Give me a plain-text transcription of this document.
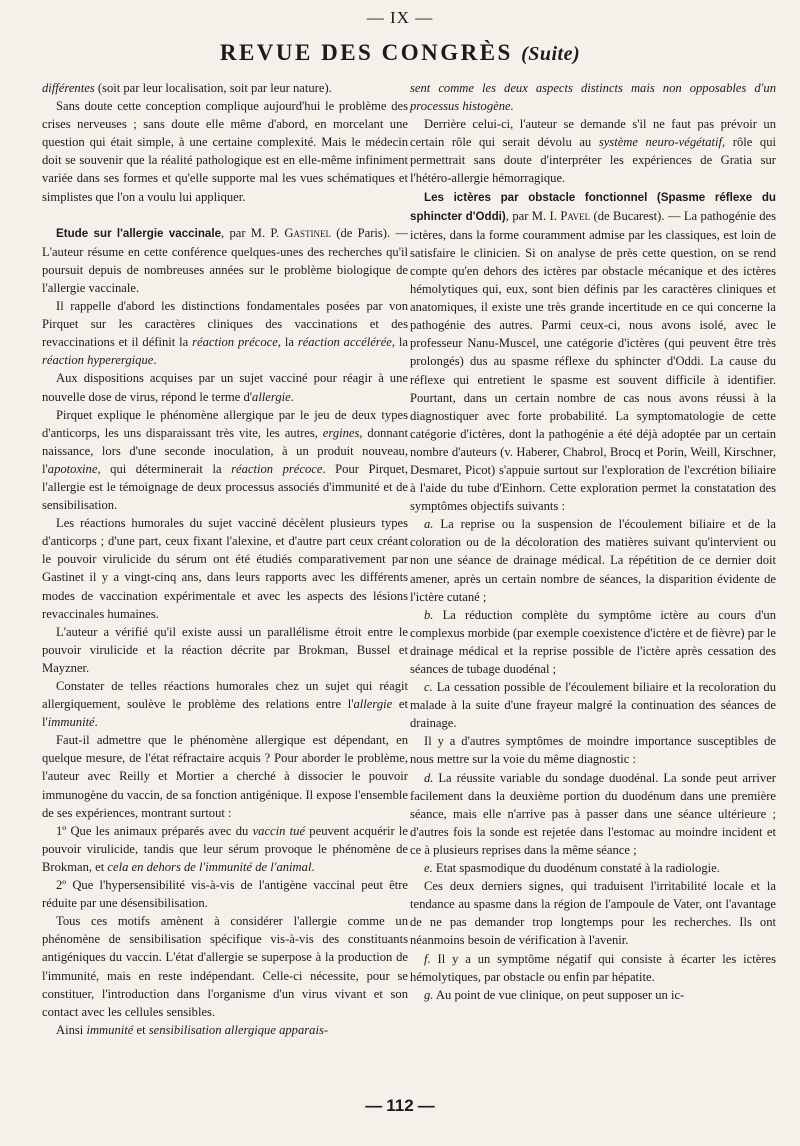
— IX —
REVUE DES CONGRÈS (Suite)

différentes (soit par leur localisation, soit par leur nature).

Sans doute cette conception complique aujourd'hui le problème des crises nerveuses ; sans doute elle même d'abord, en morcelant une question qui était simple, à une certaine complexité. Mais le médecin doit se souvenir que la réalité pathologique est en elle-même infiniment variée dans ses formes et qu'elle supporte mal les vues schématiques et simplistes que l'on a voulu lui appliquer.

Etude sur l'allergie vaccinale, par M. P. Gastinel (de Paris). — L'auteur résume en cette conférence quelques-unes des recherches qu'il poursuit depuis de nombreuses années sur le problème biologique de l'allergie vaccinale.

Il rappelle d'abord les distinctions fondamentales posées par von Pirquet sur les caractères cliniques des vaccinations et des revaccinations et il définit la réaction précoce, la réaction accélérée, la réaction hyperergique.

Aux dispositions acquises par un sujet vacciné pour réagir à une nouvelle dose de virus, répond le terme d'allergie.

Pirquet explique le phénomène allergique par le jeu de deux types d'anticorps, les uns disparaissant très vite, les autres, ergines, donnant naissance, lors d'une seconde inoculation, à un produit nouveau, l'apotoxine, qui déterminerait la réaction précoce. Pour Pirquet, l'allergie est le témoignage de deux processus associés d'immunité et de sensibilisation.

Les réactions humorales du sujet vacciné décèlent plusieurs types d'anticorps ; d'une part, ceux fixant l'alexine, et d'autre part ceux créant le pouvoir virulicide du sérum ont été étudiés comparativement par Gastinet il y a vingt-cinq ans, dans leurs rapports avec les différents modes de vaccination expérimentale et avec les aspects des lésions revaccinales humaines.

L'auteur a vérifié qu'il existe aussi un parallélisme étroit entre le pouvoir virulicide et la réaction décrite par Brokman, Bussel et Mayzner.

Constater de telles réactions humorales chez un sujet qui réagit allergiquement, soulève le problème des relations entre l'allergie et l'immunité.

Faut-il admettre que le phénomène allergique est dépendant, en quelque mesure, de l'état réfractaire acquis ? Pour aborder le problème, l'auteur avec Reilly et Mortier a cherché à dissocier le pouvoir immunogène du vaccin, de sa fonction antigénique. Il expose l'ensemble de ses expériences, montrant surtout :

1º Que les animaux préparés avec du vaccin tué peuvent acquérir le pouvoir virulicide, tandis que leur sérum provoque le phénomène de Brokman, et cela en dehors de l'immunité de l'animal.

2º Que l'hypersensibilité vis-à-vis de l'antigène vaccinal peut être réduite par une désensibilisation.

Tous ces motifs amènent à considérer l'allergie comme un phénomène de sensibilisation spécifique vis-à-vis des constituants antigéniques du vaccin. L'état d'allergie se superpose à la production de l'immunité, mais en reste indépendant. Celle-ci nécessite, pour se constituer, l'introduction dans l'organisme d'un virus vivant et son contact avec les cellules sensibles.

Ainsi immunité et sensibilisation allergique apparais-

sent comme les deux aspects distincts mais non opposables d'un processus histogène.

Derrière celui-ci, l'auteur se demande s'il ne faut pas prévoir un certain rôle qui serait dévolu au système neuro-végétatif, rôle qui permettrait sans doute d'interpréter les expériences de Gratia sur l'hétéro-allergie hémorragique.

Les ictères par obstacle fonctionnel (Spasme réflexe du sphincter d'Oddi), par M. I. Pavel (de Bucarest). — La pathogénie des ictères, dans la forme couramment admise par les classiques, est loin de satisfaire le clinicien. Si on analyse de près cette question, on se rend compte qu'en dehors des ictères par obstacle mécanique et des ictères hémolytiques qui, eux, sont bien définis par les caractères cliniques et anatomiques, il existe une très grande incertitude en ce qui concerne la pathogénie des autres. Parmi ceux-ci, nous avons isolé, avec le professeur Nanu-Muscel, une catégorie d'ictères (qui peuvent être très prolongés) dus au spasme réflexe du sphincter d'Oddi. La cause du réflexe qui entretient le spasme est souvent difficile à identifier. Pourtant, dans un certain nombre de cas nous avons réussi à la diagnostiquer avec forte probabilité. La symptomatologie de cette catégorie d'ictères, dont la pathogénie a été déjà adoptée par un certain nombre d'auteurs (v. Haberer, Chabrol, Brocq et Porin, Weill, Kirschner, Desmaret, Picot) s'appuie surtout sur l'exploration de l'excrétion biliaire à l'aide du tube d'Einhorn. Cette exploration permet la constatation des symptômes objectifs suivants :

a. La reprise ou la suspension de l'écoulement biliaire et de la coloration ou de la décoloration des matières suivant qu'intervient ou non une séance de drainage médical. La répétition de ce dernier doit amener, après un certain nombre de séances, la disparition évidente de l'ictère cutané ;

b. La réduction complète du symptôme ictère au cours d'un complexus morbide (par exemple coexistence d'ictère et de fièvre) par le drainage médical et la reprise possible de l'ictère après cessation des séances de tubage duodénal ;

c. La cessation possible de l'écoulement biliaire et la recoloration du malade à la suite d'une frayeur malgré la continuation des séances de drainage.

Il y a d'autres symptômes de moindre importance susceptibles de nous mettre sur la voie du même diagnostic :

d. La réussite variable du sondage duodénal. La sonde peut arriver facilement dans la deuxième portion du duodénum dans une première séance, mais elle n'arrive pas à passer dans une séance ultérieure ; d'autres fois la sonde est rejetée dans l'estomac au moindre incident et ce à plusieurs reprises dans la même séance ;

e. Etat spasmodique du duodénum constaté à la radiologie.

Ces deux derniers signes, qui traduisent l'irritabilité locale et la tendance au spasme dans la région de l'ampoule de Vater, ont l'avantage de ne pas demander trop longtemps pour les recherches. Ils ont néanmoins besoin de vérification à l'avenir.

f. Il y a un symptôme négatif qui consiste à écarter les ictères hémolytiques, par obstacle ou enfin par hépatite.

g. Au point de vue clinique, on peut supposer un ic-

— 112 —
